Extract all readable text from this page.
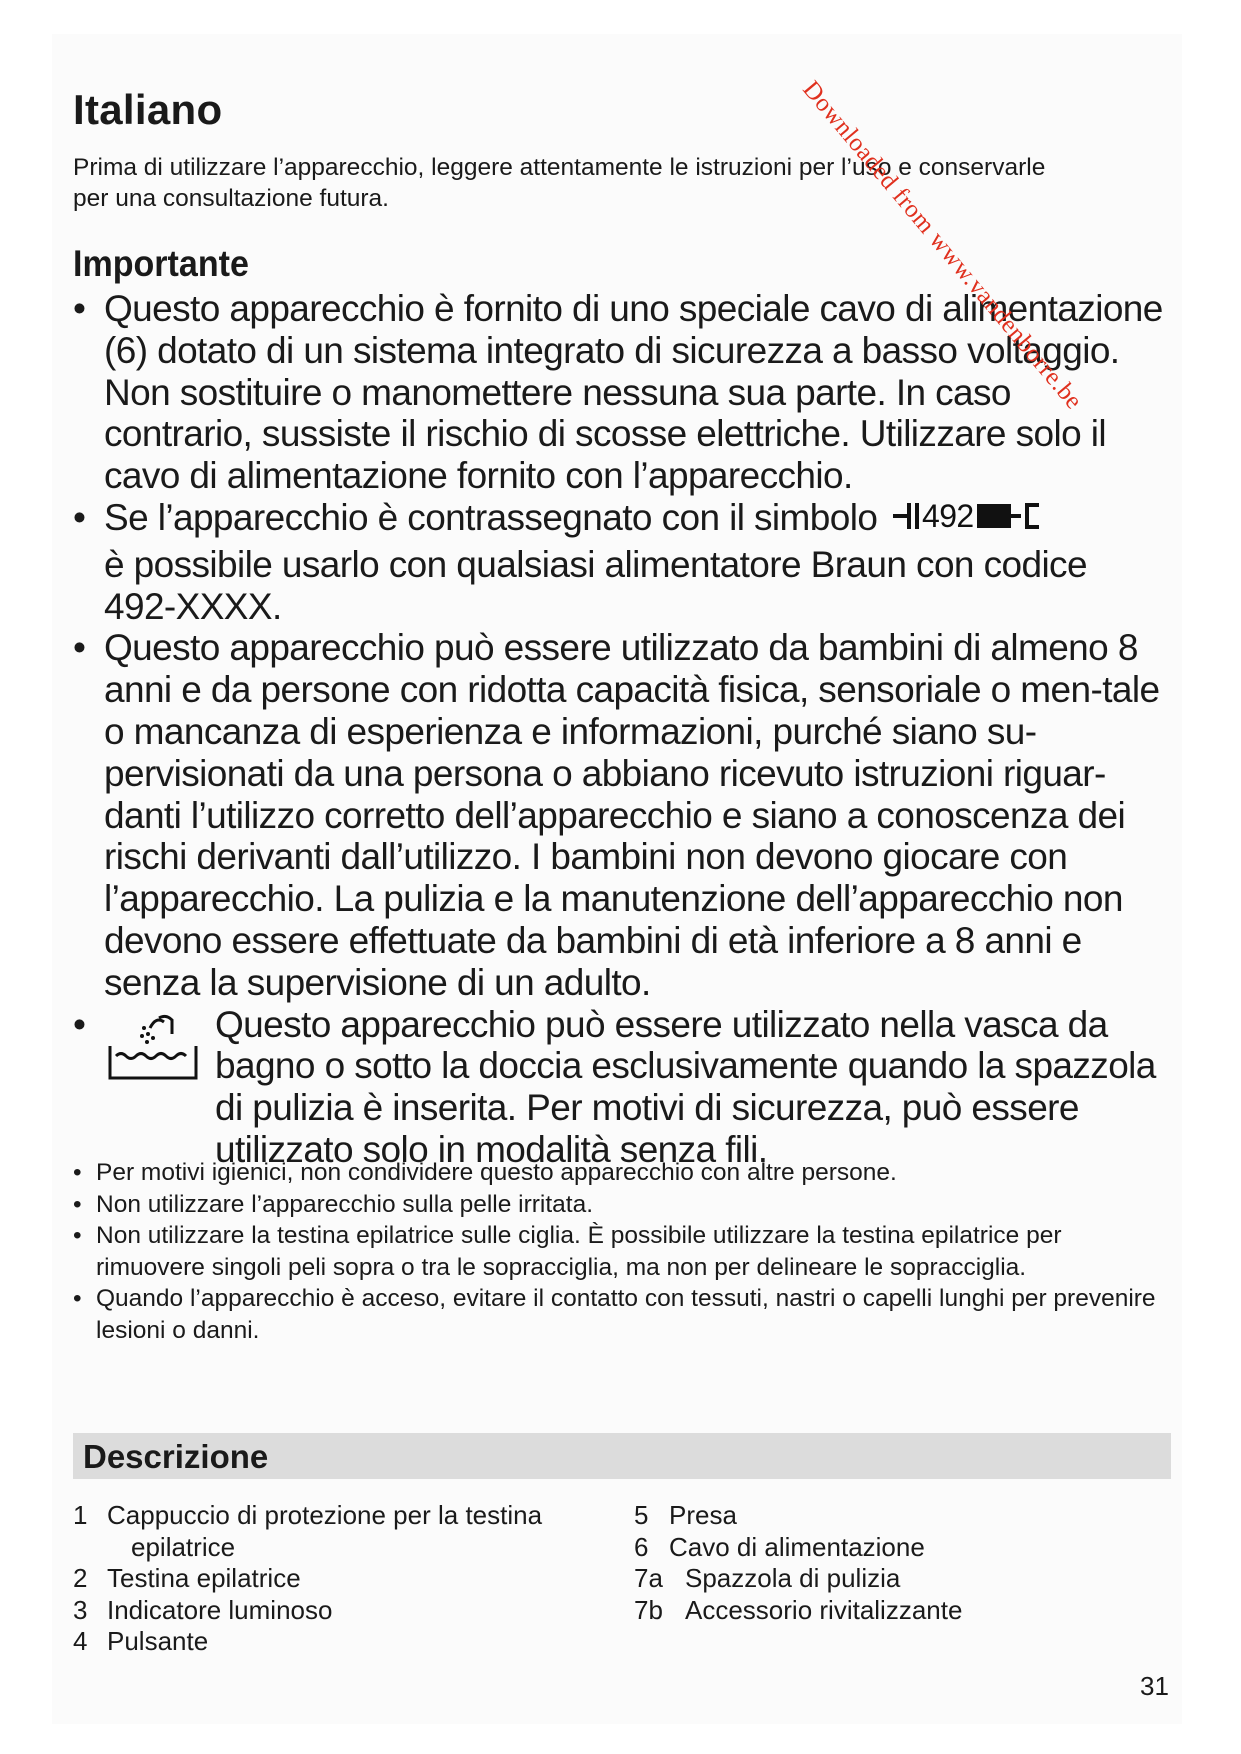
Italiano

Prima di utilizzare l’apparecchio, leggere attentamente le istruzioni per l’uso e conservarle per una consultazione futura.

Importante
• Questo apparecchio è fornito di uno speciale cavo di alimentazione (6) dotato di un sistema integrato di sicurezza a basso voltaggio. Non sostituire o manomettere nessuna sua parte. In caso contrario, sussiste il rischio di scosse elettriche. Utilizzare solo il cavo di alimentazione fornito con l’apparecchio.
• Se l’apparecchio è contrassegnato con il simbolo 492

è possibile usarlo con qualsiasi alimentatore Braun con codice 492-XXXX.
• Questo apparecchio può essere utilizzato da bambini di almeno 8 anni e da persone con ridotta capacità fisica, sensoriale o men-tale o mancanza di esperienza e informazioni, purché siano su-pervisionati da una persona o abbiano ricevuto istruzioni riguar-danti l’utilizzo corretto dell’apparecchio e siano a conoscenza dei rischi derivanti dall’utilizzo. I bambini non devono giocare con l’apparecchio. La pulizia e la manutenzione dell’apparecchio non devono essere effettuate da bambini di età inferiore a 8 anni e senza la supervisione di un adulto.
•	Questo apparecchio può essere utilizzato nella vasca da bagno o sotto la doccia esclusivamente quando la spazzola di pulizia è inserita. Per motivi di sicurezza, può essere utilizzato solo in modalità senza fili.
• Per motivi igienici, non condividere questo apparecchio con altre persone.
• Non utilizzare l’apparecchio sulla pelle irritata.
• Non utilizzare la testina epilatrice sulle ciglia. È possibile utilizzare la testina epilatrice per rimuovere singoli peli sopra o tra le sopracciglia, ma non per delineare le sopracciglia.
• Quando l’apparecchio è acceso, evitare il contatto con tessuti, nastri o capelli lunghi per prevenire lesioni o danni.
Descrizione
1 Cappuccio di protezione per la testina
epilatrice
2 Testina epilatrice
3 Indicatore luminoso
4 Pulsante
5 Presa
6 Cavo di alimentazione
7a Spazzola di pulizia
7b Accessorio rivitalizzante

31

Downloaded from www.vandenborre.be
